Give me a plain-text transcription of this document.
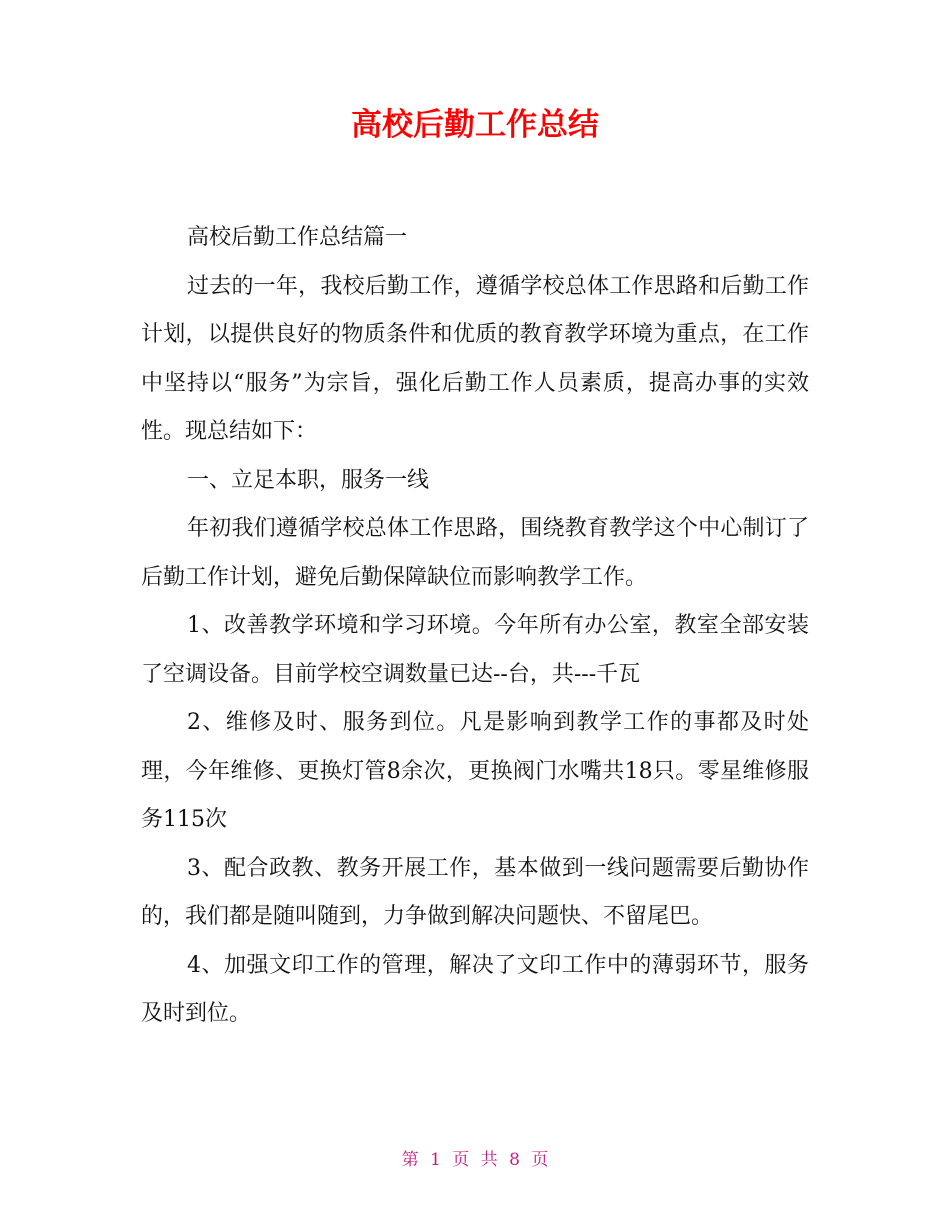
高校后勤工作总结

高校后勤工作总结篇一

过去的一年，我校后勤工作，遵循学校总体工作思路和后勤工作计划，以提供良好的物质条件和优质的教育教学环境为重点，在工作中坚持以“服务”为宗旨，强化后勤工作人员素质，提高办事的实效性。现总结如下：

一、立足本职，服务一线

年初我们遵循学校总体工作思路，围绕教育教学这个中心制订了后勤工作计划，避免后勤保障缺位而影响教学工作。

1、改善教学环境和学习环境。今年所有办公室，教室全部安装了空调设备。目前学校空调数量已达--台，共---千瓦

2、维修及时、服务到位。凡是影响到教学工作的事都及时处理，今年维修、更换灯管8余次，更换阀门水嘴共18只。零星维修服务115次

3、配合政教、教务开展工作，基本做到一线问题需要后勤协作的，我们都是随叫随到，力争做到解决问题快、不留尾巴。

4、加强文印工作的管理，解决了文印工作中的薄弱环节，服务及时到位。

第 1 页 共 8 页
